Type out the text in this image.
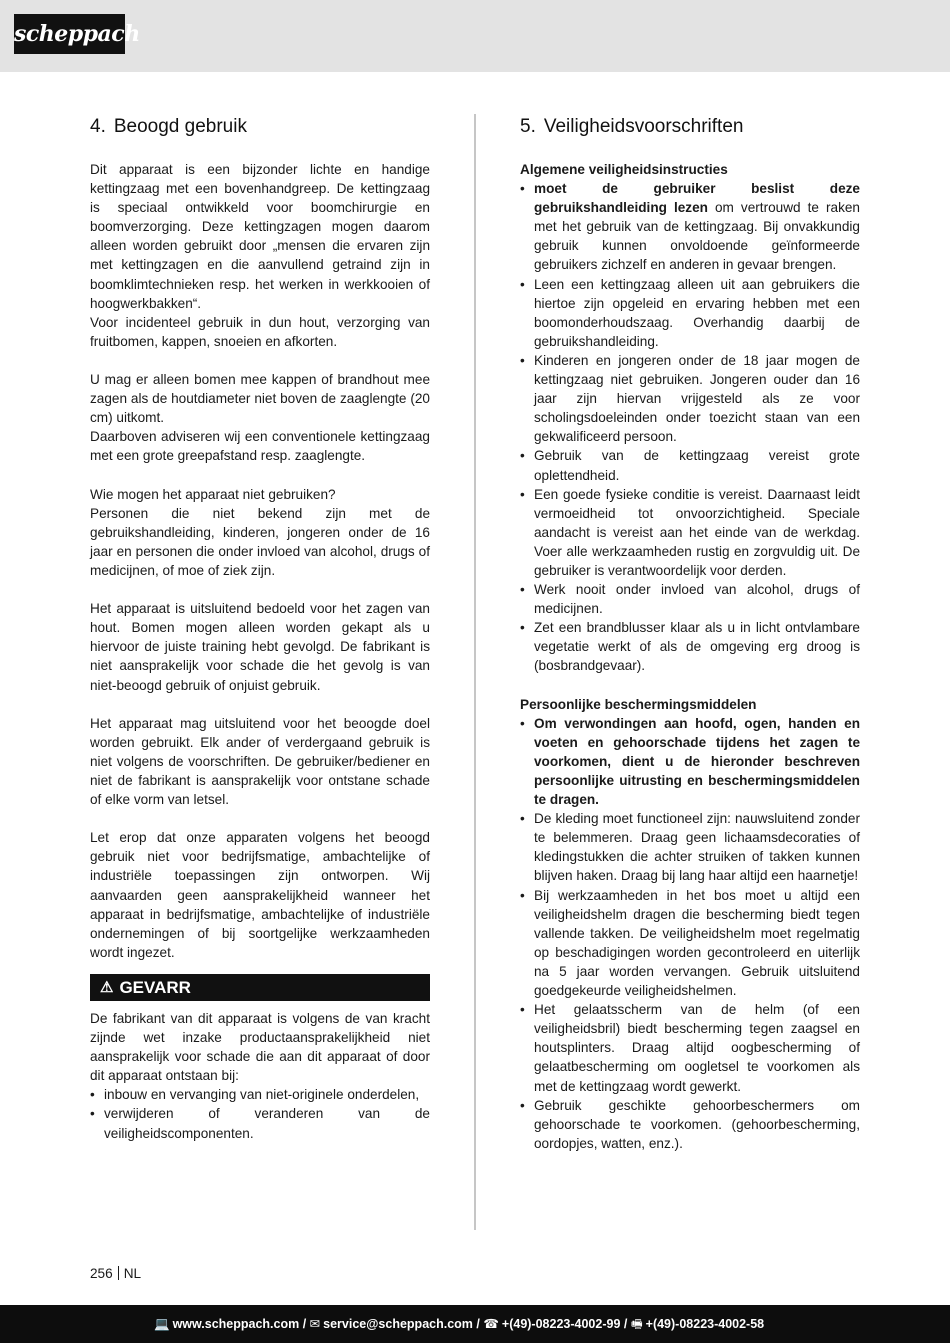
scheppach
4. Beoogd gebruik

Dit apparaat is een bijzonder lichte en handige kettingzaag met een bovenhandgreep. De kettingzaag is speciaal ontwikkeld voor boomchirurgie en boomverzorging. Deze kettingzagen mogen daarom alleen worden gebruikt door „mensen die ervaren zijn met kettingzagen en die aanvullend getraind zijn in boomklimtechnieken resp. het werken in werkkooien of hoogwerkbakken“.

Voor incidenteel gebruik in dun hout, verzorging van fruitbomen, kappen, snoeien en afkorten.

U mag er alleen bomen mee kappen of brandhout mee zagen als de houtdiameter niet boven de zaaglengte (20 cm) uitkomt.

Daarboven adviseren wij een conventionele kettingzaag met een grote greepafstand resp. zaaglengte.

Wie mogen het apparaat niet gebruiken?

Personen die niet bekend zijn met de gebruikshandleiding, kinderen, jongeren onder de 16 jaar en personen die onder invloed van alcohol, drugs of medicijnen, of moe of ziek zijn.

Het apparaat is uitsluitend bedoeld voor het zagen van hout. Bomen mogen alleen worden gekapt als u hiervoor de juiste training hebt gevolgd. De fabrikant is niet aansprakelijk voor schade die het gevolg is van niet-beoogd gebruik of onjuist gebruik.

Het apparaat mag uitsluitend voor het beoogde doel worden gebruikt. Elk ander of verdergaand gebruik is niet volgens de voorschriften. De gebruiker/bediener en niet de fabrikant is aansprakelijk voor ontstane schade of elke vorm van letsel.

Let erop dat onze apparaten volgens het beoogd gebruik niet voor bedrijfsmatige, ambachtelijke of industriële toepassingen zijn ontworpen. Wij aanvaarden geen aansprakelijkheid wanneer het apparaat in bedrijfsmatige, ambachtelijke of industriële ondernemingen of bij soortgelijke werkzaamheden wordt ingezet.

⚠ GEVARR

De fabrikant van dit apparaat is volgens de van kracht zijnde wet inzake productaansprakelijkheid niet aansprakelijk voor schade die aan dit apparaat of door dit apparaat ontstaan bij:

• inbouw en vervanging van niet-originele onderdelen,
• verwijderen of veranderen van de veiligheidscomponenten.
5. Veiligheidsvoorschriften
Algemene veiligheidsinstructies
• moet de gebruiker beslist deze gebruikshandleiding lezen om vertrouwd te raken met het gebruik van de kettingzaag. Bij onvakkundig gebruik kunnen onvoldoende geïnformeerde gebruikers zichzelf en anderen in gevaar brengen.
• Leen een kettingzaag alleen uit aan gebruikers die hiertoe zijn opgeleid en ervaring hebben met een boomonderhoudszaag. Overhandig daarbij de gebruikshandleiding.
• Kinderen en jongeren onder de 18 jaar mogen de kettingzaag niet gebruiken. Jongeren ouder dan 16 jaar zijn hiervan vrijgesteld als ze voor scholingsdoeleinden onder toezicht staan van een gekwalificeerd persoon.
• Gebruik van de kettingzaag vereist grote oplettendheid.
• Een goede fysieke conditie is vereist. Daarnaast leidt vermoeidheid tot onvoorzichtigheid. Speciale aandacht is vereist aan het einde van de werkdag. Voer alle werkzaamheden rustig en zorgvuldig uit. De gebruiker is verantwoordelijk voor derden.
• Werk nooit onder invloed van alcohol, drugs of medicijnen.
• Zet een brandblusser klaar als u in licht ontvlambare vegetatie werkt of als de omgeving erg droog is (bosbrandgevaar).
Persoonlijke beschermingsmiddelen
• Om verwondingen aan hoofd, ogen, handen en voeten en gehoorschade tijdens het zagen te voorkomen, dient u de hieronder beschreven persoonlijke uitrusting en beschermingsmiddelen te dragen.
• De kleding moet functioneel zijn: nauwsluitend zonder te belemmeren. Draag geen lichaamsdecoraties of kledingstukken die achter struiken of takken kunnen blijven haken. Draag bij lang haar altijd een haarnetje!
• Bij werkzaamheden in het bos moet u altijd een veiligheidshelm dragen die bescherming biedt tegen vallende takken. De veiligheidshelm moet regelmatig op beschadigingen worden gecontroleerd en uiterlijk na 5 jaar worden vervangen. Gebruik uitsluitend goedgekeurde veiligheidshelmen.
• Het gelaatsscherm van de helm (of een veiligheidsbril) biedt bescherming tegen zaagsel en houtsplinters. Draag altijd oogbescherming of gelaatbescherming om oogletsel te voorkomen als met de kettingzaag wordt gewerkt.
• Gebruik geschikte gehoorbeschermers om gehoorschade te voorkomen. (gehoorbescherming, oordopjes, watten, enz.).
256 NL
💻 www.scheppach.com / ✉ service@scheppach.com / ☎ +(49)-08223-4002-99 / 🖷 +(49)-08223-4002-58
